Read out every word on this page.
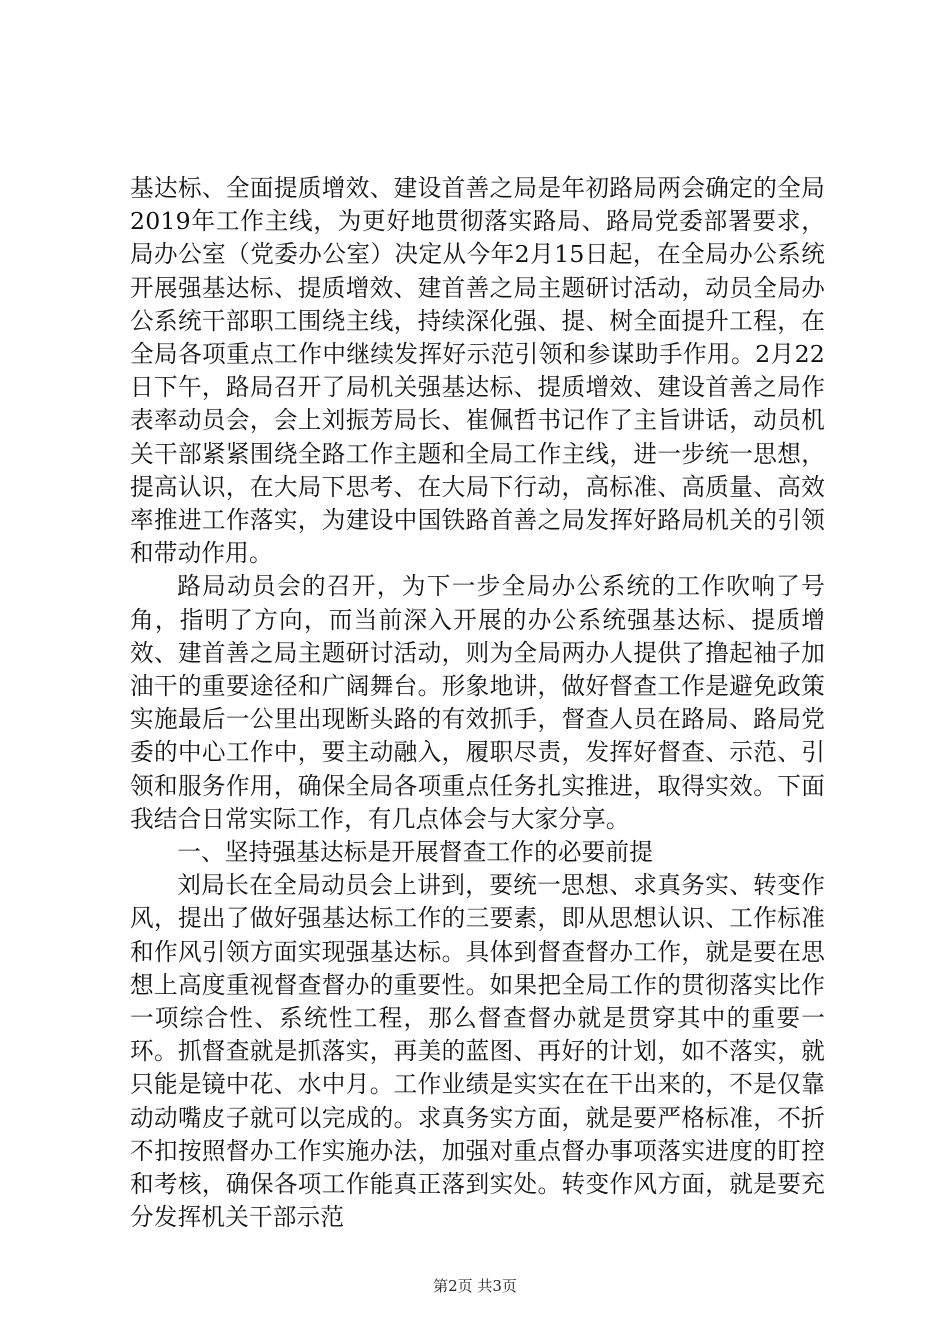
基达标、全面提质增效、建设首善之局是年初路局两会确定的全局2019年工作主线，为更好地贯彻落实路局、路局党委部署要求，局办公室（党委办公室）决定从今年2月15日起，在全局办公系统开展强基达标、提质增效、建首善之局主题研讨活动，动员全局办公系统干部职工围绕主线，持续深化强、提、树全面提升工程，在全局各项重点工作中继续发挥好示范引领和参谋助手作用。2月22日下午，路局召开了局机关强基达标、提质增效、建设首善之局作表率动员会，会上刘振芳局长、崔佩哲书记作了主旨讲话，动员机关干部紧紧围绕全路工作主题和全局工作主线，进一步统一思想，提高认识，在大局下思考、在大局下行动，高标准、高质量、高效率推进工作落实，为建设中国铁路首善之局发挥好路局机关的引领和带动作用。

路局动员会的召开，为下一步全局办公系统的工作吹响了号角，指明了方向，而当前深入开展的办公系统强基达标、提质增效、建首善之局主题研讨活动，则为全局两办人提供了撸起袖子加油干的重要途径和广阔舞台。形象地讲，做好督查工作是避免政策实施最后一公里出现断头路的有效抓手，督查人员在路局、路局党委的中心工作中，要主动融入，履职尽责，发挥好督查、示范、引领和服务作用，确保全局各项重点任务扎实推进，取得实效。下面我结合日常实际工作，有几点体会与大家分享。

一、坚持强基达标是开展督查工作的必要前提

刘局长在全局动员会上讲到，要统一思想、求真务实、转变作风，提出了做好强基达标工作的三要素，即从思想认识、工作标准和作风引领方面实现强基达标。具体到督查督办工作，就是要在思想上高度重视督查督办的重要性。如果把全局工作的贯彻落实比作一项综合性、系统性工程，那么督查督办就是贯穿其中的重要一环。抓督查就是抓落实，再美的蓝图、再好的计划，如不落实，就只能是镜中花、水中月。工作业绩是实实在在干出来的，不是仅靠动动嘴皮子就可以完成的。求真务实方面，就是要严格标准，不折不扣按照督办工作实施办法，加强对重点督办事项落实进度的盯控和考核，确保各项工作能真正落到实处。转变作风方面，就是要充分发挥机关干部示范

第2页 共3页
